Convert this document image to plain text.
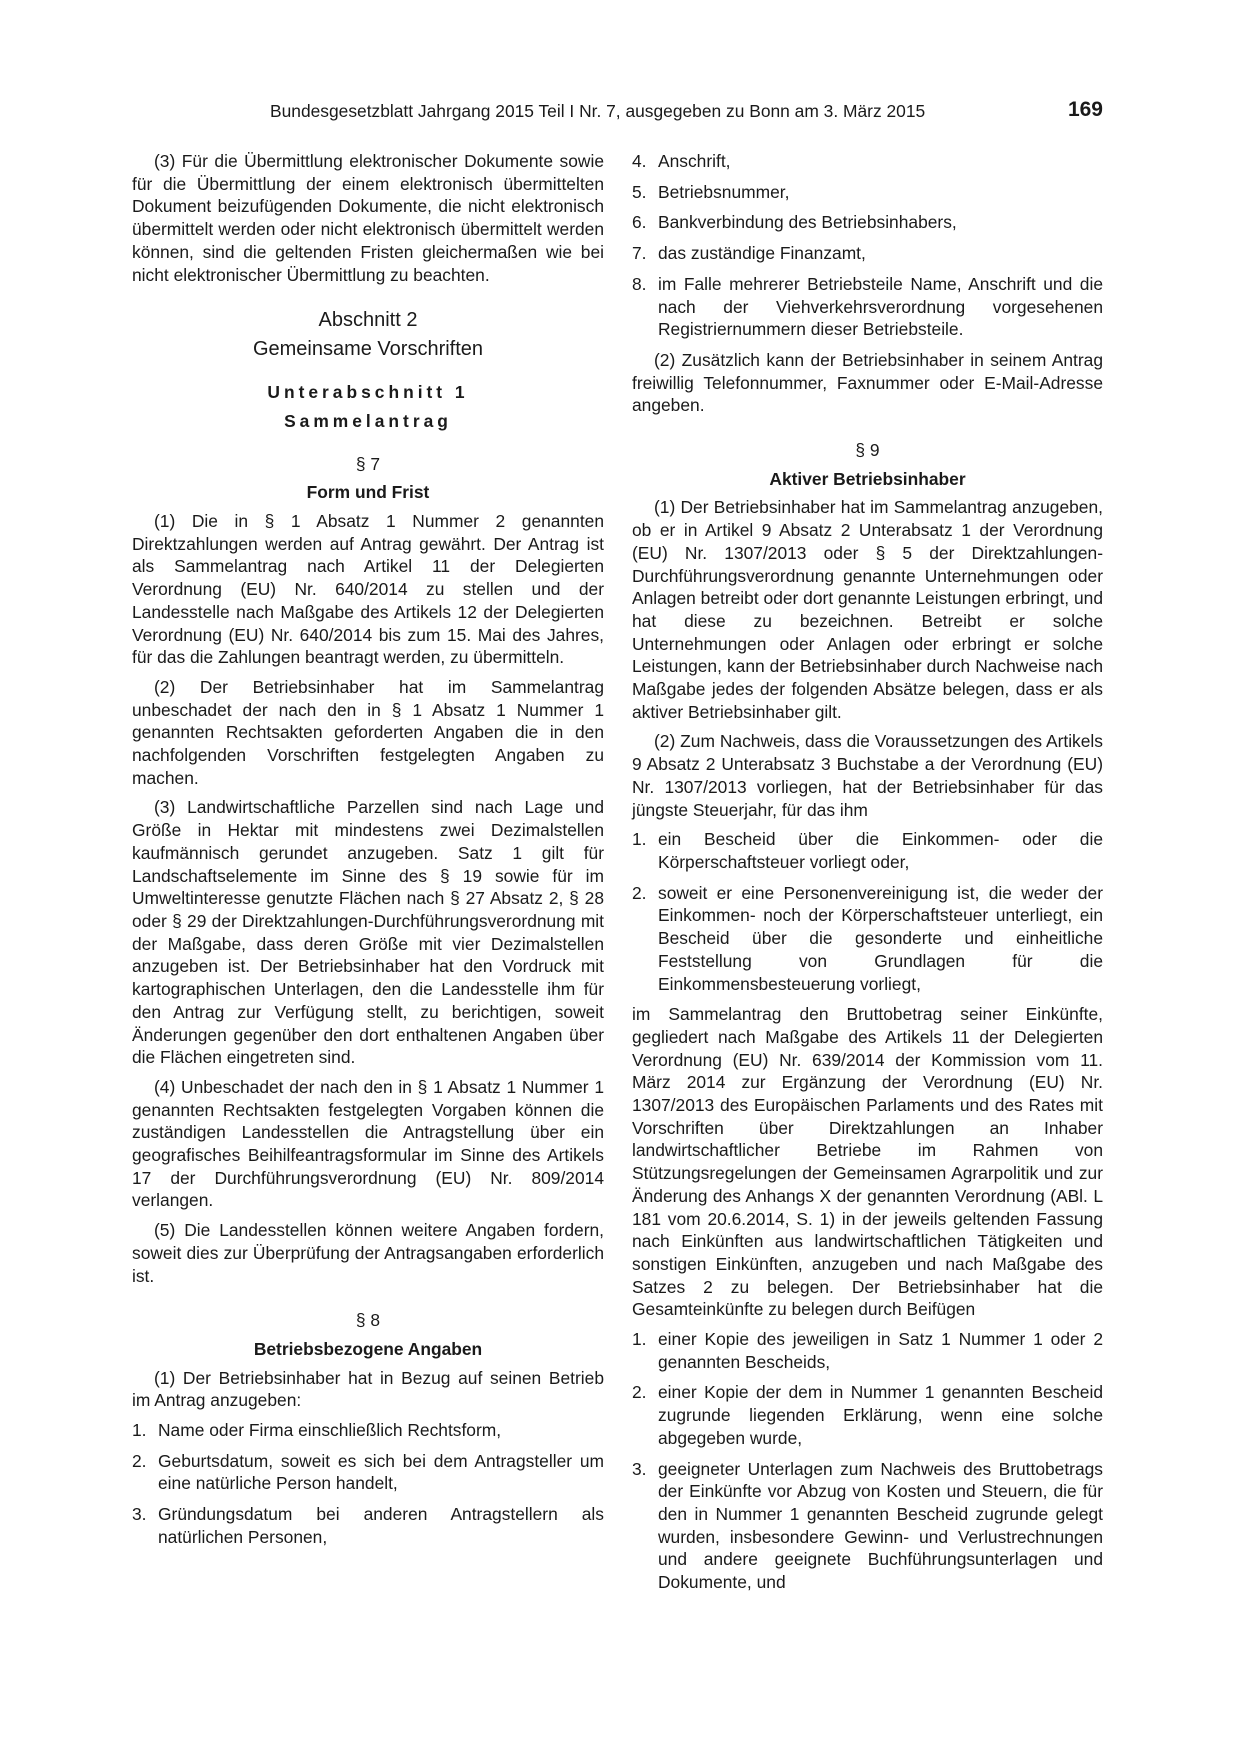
Bundesgesetzblatt Jahrgang 2015 Teil I Nr. 7, ausgegeben zu Bonn am 3. März 2015	169

(3) Für die Übermittlung elektronischer Dokumente sowie für die Übermittlung der einem elektronisch übermittelten Dokument beizufügenden Dokumente, die nicht elektronisch übermittelt werden oder nicht elektronisch übermittelt werden können, sind die geltenden Fristen gleichermaßen wie bei nicht elektronischer Übermittlung zu beachten.

Abschnitt 2
Gemeinsame Vorschriften
Unterabschnitt 1
Sammelantrag
§ 7
Form und Frist

(1) Die in § 1 Absatz 1 Nummer 2 genannten Direktzahlungen werden auf Antrag gewährt. Der Antrag ist als Sammelantrag nach Artikel 11 der Delegierten Verordnung (EU) Nr. 640/2014 zu stellen und der Landesstelle nach Maßgabe des Artikels 12 der Delegierten Verordnung (EU) Nr. 640/2014 bis zum 15. Mai des Jahres, für das die Zahlungen beantragt werden, zu übermitteln.

(2) Der Betriebsinhaber hat im Sammelantrag unbeschadet der nach den in § 1 Absatz 1 Nummer 1 genannten Rechtsakten geforderten Angaben die in den nachfolgenden Vorschriften festgelegten Angaben zu machen.

(3) Landwirtschaftliche Parzellen sind nach Lage und Größe in Hektar mit mindestens zwei Dezimalstellen kaufmännisch gerundet anzugeben. Satz 1 gilt für Landschaftselemente im Sinne des § 19 sowie für im Umweltinteresse genutzte Flächen nach § 27 Absatz 2, § 28 oder § 29 der Direktzahlungen-Durchführungsverordnung mit der Maßgabe, dass deren Größe mit vier Dezimalstellen anzugeben ist. Der Betriebsinhaber hat den Vordruck mit kartographischen Unterlagen, den die Landesstelle ihm für den Antrag zur Verfügung stellt, zu berichtigen, soweit Änderungen gegenüber den dort enthaltenen Angaben über die Flächen eingetreten sind.

(4) Unbeschadet der nach den in § 1 Absatz 1 Nummer 1 genannten Rechtsakten festgelegten Vorgaben können die zuständigen Landesstellen die Antragstellung über ein geografisches Beihilfeantragsformular im Sinne des Artikels 17 der Durchführungsverordnung (EU) Nr. 809/2014 verlangen.

(5) Die Landesstellen können weitere Angaben fordern, soweit dies zur Überprüfung der Antragsangaben erforderlich ist.

§ 8
Betriebsbezogene Angaben

(1) Der Betriebsinhaber hat in Bezug auf seinen Betrieb im Antrag anzugeben:

1. Name oder Firma einschließlich Rechtsform,
2. Geburtsdatum, soweit es sich bei dem Antragsteller um eine natürliche Person handelt,
3. Gründungsdatum bei anderen Antragstellern als natürlichen Personen,
4. Anschrift,
5. Betriebsnummer,
6. Bankverbindung des Betriebsinhabers,
7. das zuständige Finanzamt,
8. im Falle mehrerer Betriebsteile Name, Anschrift und die nach der Viehverkehrsverordnung vorgesehenen Registriernummern dieser Betriebsteile.

(2) Zusätzlich kann der Betriebsinhaber in seinem Antrag freiwillig Telefonnummer, Faxnummer oder E-Mail-Adresse angeben.

§ 9
Aktiver Betriebsinhaber

(1) Der Betriebsinhaber hat im Sammelantrag anzugeben, ob er in Artikel 9 Absatz 2 Unterabsatz 1 der Verordnung (EU) Nr. 1307/2013 oder § 5 der Direktzahlungen-Durchführungsverordnung genannte Unternehmungen oder Anlagen betreibt oder dort genannte Leistungen erbringt, und hat diese zu bezeichnen. Betreibt er solche Unternehmungen oder Anlagen oder erbringt er solche Leistungen, kann der Betriebsinhaber durch Nachweise nach Maßgabe jedes der folgenden Absätze belegen, dass er als aktiver Betriebsinhaber gilt.

(2) Zum Nachweis, dass die Voraussetzungen des Artikels 9 Absatz 2 Unterabsatz 3 Buchstabe a der Verordnung (EU) Nr. 1307/2013 vorliegen, hat der Betriebsinhaber für das jüngste Steuerjahr, für das ihm

1. ein Bescheid über die Einkommen- oder die Körperschaftsteuer vorliegt oder,
2. soweit er eine Personenvereinigung ist, die weder der Einkommen- noch der Körperschaftsteuer unterliegt, ein Bescheid über die gesonderte und einheitliche Feststellung von Grundlagen für die Einkommensbesteuerung vorliegt,

im Sammelantrag den Bruttobetrag seiner Einkünfte, gegliedert nach Maßgabe des Artikels 11 der Delegierten Verordnung (EU) Nr. 639/2014 der Kommission vom 11. März 2014 zur Ergänzung der Verordnung (EU) Nr. 1307/2013 des Europäischen Parlaments und des Rates mit Vorschriften über Direktzahlungen an Inhaber landwirtschaftlicher Betriebe im Rahmen von Stützungsregelungen der Gemeinsamen Agrarpolitik und zur Änderung des Anhangs X der genannten Verordnung (ABl. L 181 vom 20.6.2014, S. 1) in der jeweils geltenden Fassung nach Einkünften aus landwirtschaftlichen Tätigkeiten und sonstigen Einkünften, anzugeben und nach Maßgabe des Satzes 2 zu belegen. Der Betriebsinhaber hat die Gesamteinkünfte zu belegen durch Beifügen

1. einer Kopie des jeweiligen in Satz 1 Nummer 1 oder 2 genannten Bescheids,
2. einer Kopie der dem in Nummer 1 genannten Bescheid zugrunde liegenden Erklärung, wenn eine solche abgegeben wurde,
3. geeigneter Unterlagen zum Nachweis des Bruttobetrags der Einkünfte vor Abzug von Kosten und Steuern, die für den in Nummer 1 genannten Bescheid zugrunde gelegt wurden, insbesondere Gewinn- und Verlustrechnungen und andere geeignete Buchführungsunterlagen und Dokumente, und
